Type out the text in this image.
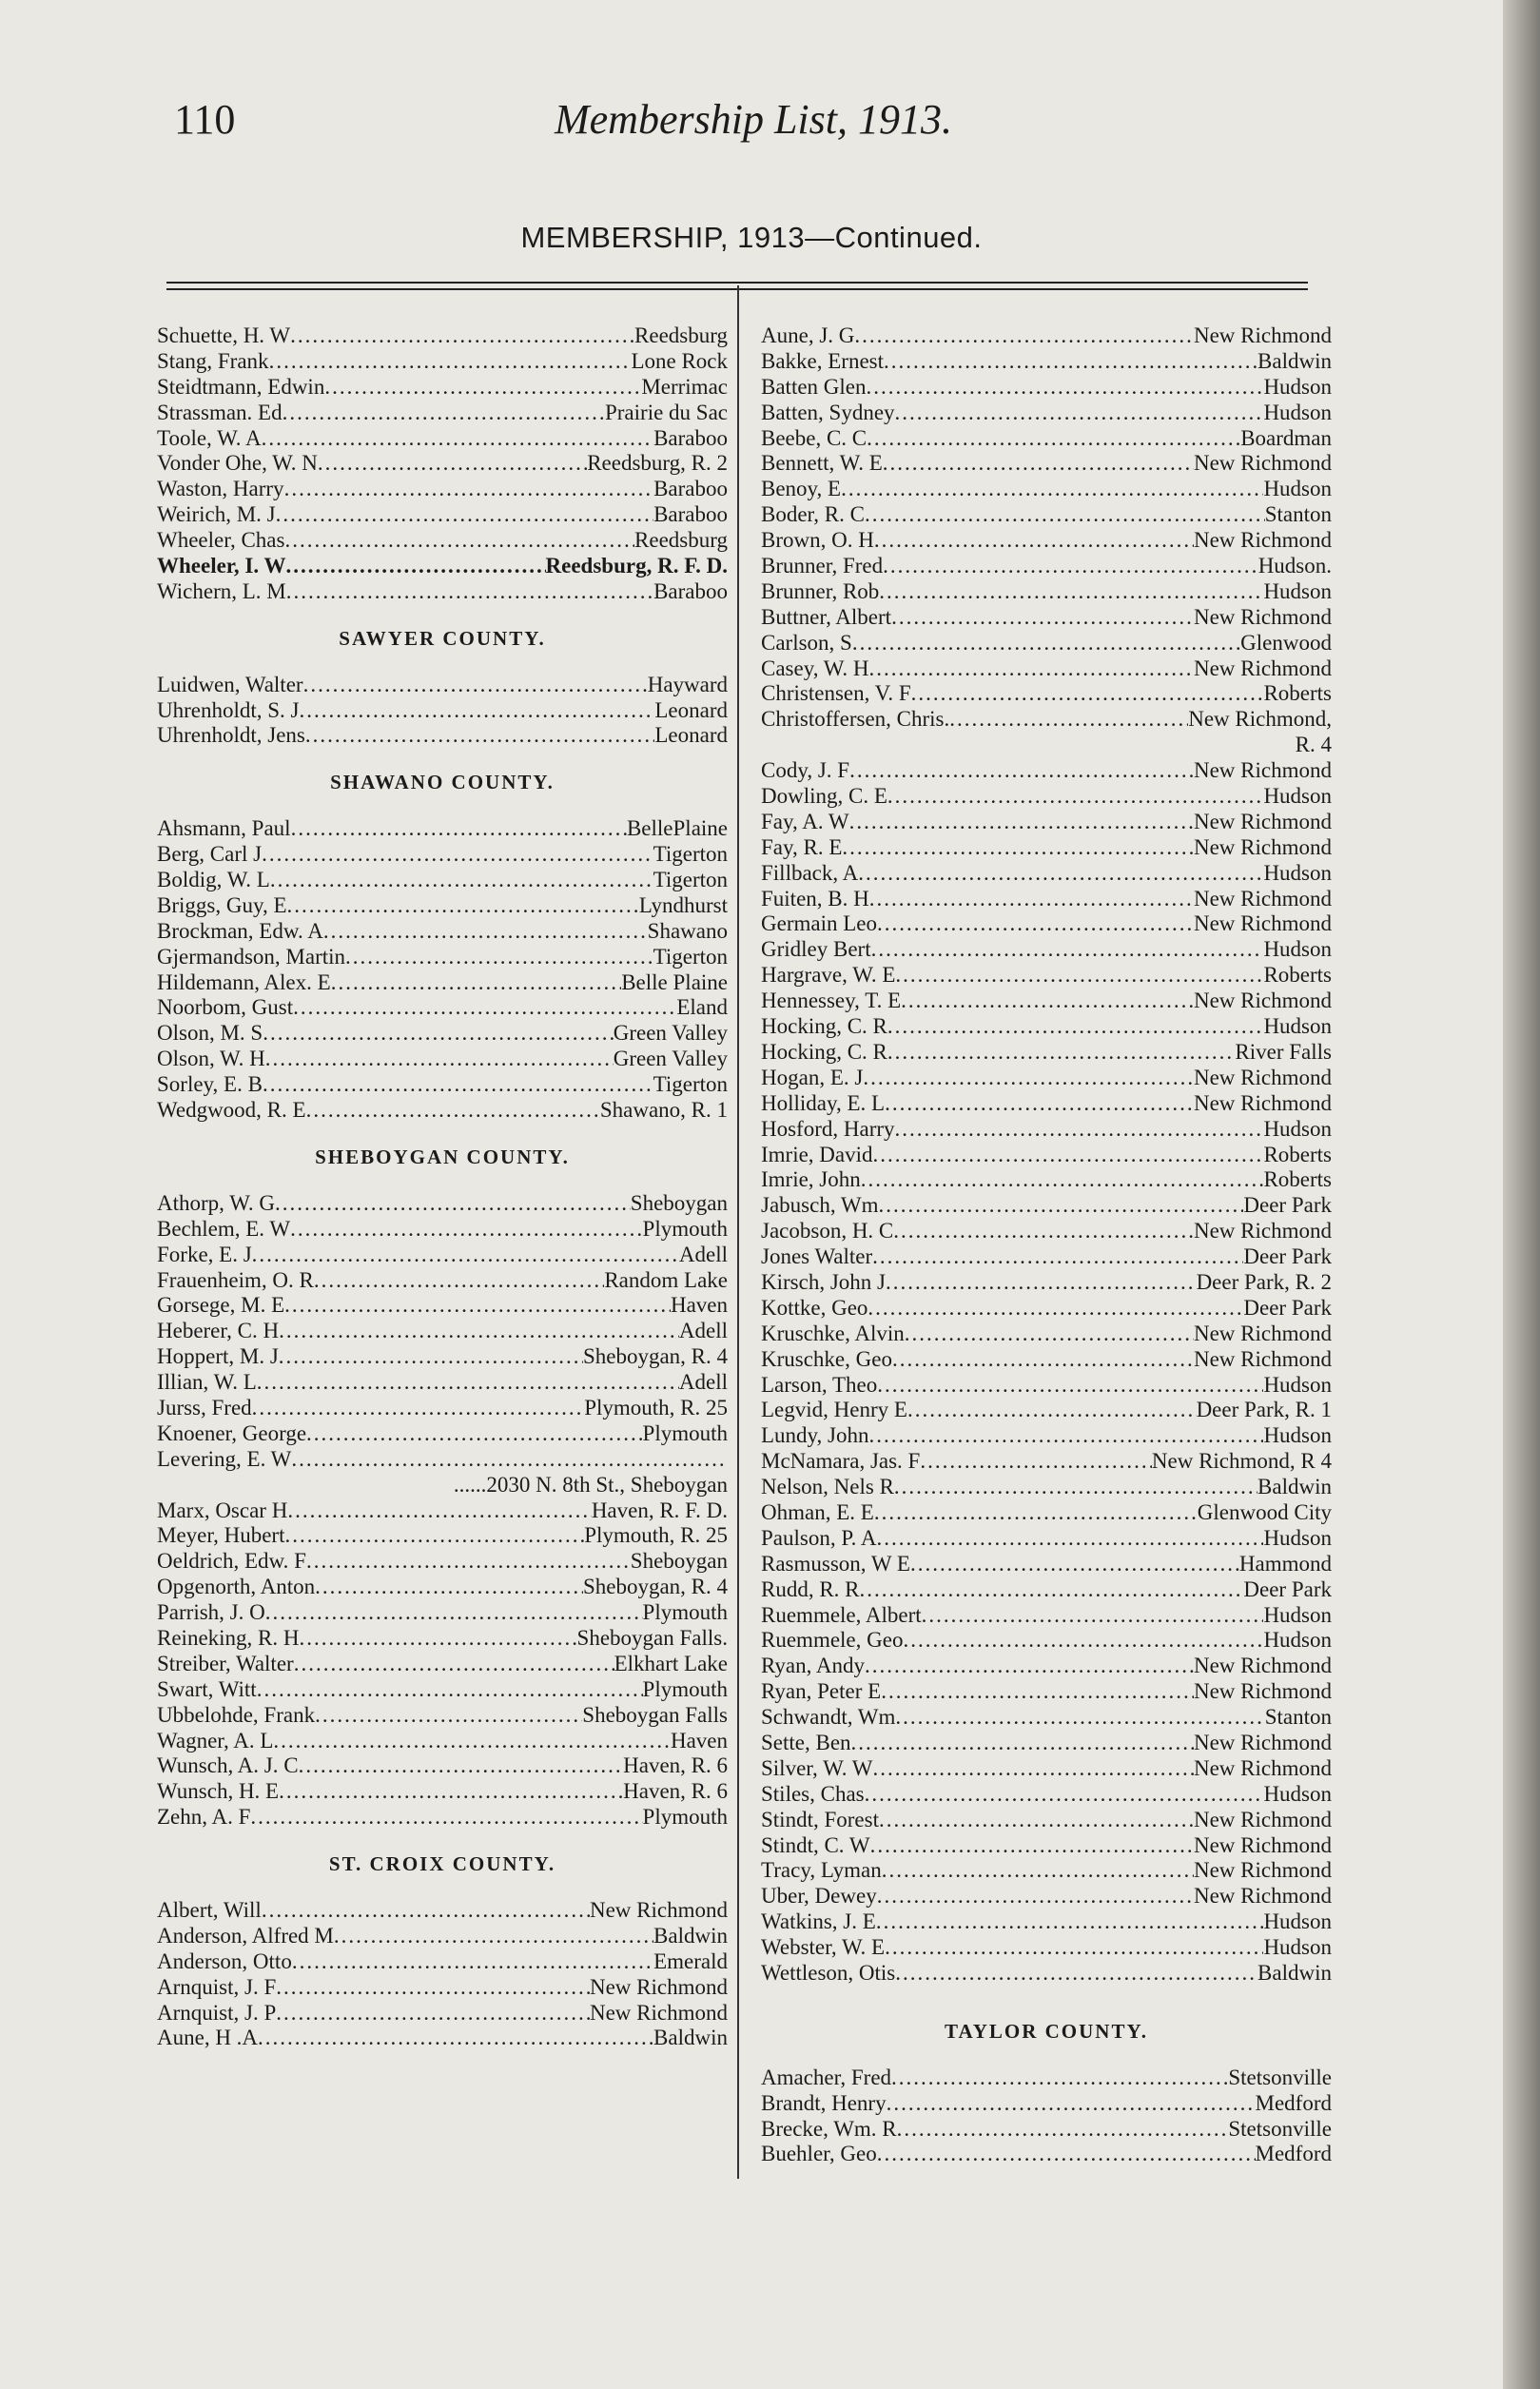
110	Membership List, 1913.
MEMBERSHIP, 1913—Continued.
Schuette, H. W .....	Reedsburg
Stang, Frank .....	Lone Rock
Steidtmann, Edwin .....	Merrimac
Strassman. Ed .....	Prairie du Sac
Toole, W. A .....	Baraboo
Vonder Ohe, W. N .....	Reedsburg, R. 2
Waston, Harry .....	Baraboo
Weirich, M. J .....	Baraboo
Wheeler, Chas .....	Reedsburg
Wheeler, I. W .....	Reedsburg, R. F. D.
Wichern, L. M .....	Baraboo
SAWYER COUNTY.
Luidwen, Walter .....	Hayward
Uhrenholdt, S. J .....	Leonard
Uhrenholdt, Jens .....	Leonard
SHAWANO COUNTY.
Ahsmann, Paul .....	BellePlaine
Berg, Carl J .....	Tigerton
Boldig, W. L .....	Tigerton
Briggs, Guy, E .....	Lyndhurst
Brockman, Edw. A .....	Shawano
Gjermandson, Martin .....	Tigerton
Hildemann, Alex. E .....	Belle Plaine
Noorbom, Gust .....	Eland
Olson, M. S .....	Green Valley
Olson, W. H .....	Green Valley
Sorley, E. B .....	Tigerton
Wedgwood, R. E .....	Shawano, R. 1
SHEBOYGAN COUNTY.
Athorp, W. G .....	Sheboygan
Bechlem, E. W .....	Plymouth
Forke, E. J .....	Adell
Frauenheim, O. R .....	Random Lake
Gorsege, M. E .....	Haven
Heberer, C. H .....	Adell
Hoppert, M. J .....	Sheboygan, R. 4
Illian, W. L .....	Adell
Jurss, Fred .....	Plymouth, R. 25
Knoener, George .....	Plymouth
Levering, E. W
.....
......2030 N. 8th St., Sheboygan
Marx, Oscar H .....	Haven, R. F. D.
Meyer, Hubert .....	Plymouth, R. 25
Oeldrich, Edw. F .....	Sheboygan
Opgenorth, Anton .....	Sheboygan, R. 4
Parrish, J. O .....	Plymouth
Reineking, R. H .....	Sheboygan Falls.
Streiber, Walter .....	Elkhart Lake
Swart, Witt .....	Plymouth
Ubbelohde, Frank .....	Sheboygan Falls
Wagner, A. L .....	Haven
Wunsch, A. J. C .....	Haven, R. 6
Wunsch, H. E .....	Haven, R. 6
Zehn, A. F .....	Plymouth
ST. CROIX COUNTY.
Albert, Will .....	New Richmond
Anderson, Alfred M .....	Baldwin
Anderson, Otto .....	Emerald
Arnquist, J. F .....	New Richmond
Arnquist, J. P .....	New Richmond
Aune, H .A .....	Baldwin
Aune, J. G .....	New Richmond
Bakke, Ernest .....	Baldwin
Batten Glen .....	Hudson
Batten, Sydney .....	Hudson
Beebe, C. C .....	Boardman
Bennett, W. E .....	New Richmond
Benoy, E .....	Hudson
Boder, R. C .....	Stanton
Brown, O. H .....	New Richmond
Brunner, Fred .....	Hudson.
Brunner, Rob .....	Hudson
Buttner, Albert .....	New Richmond
Carlson, S .....	Glenwood
Casey, W. H .....	New Richmond
Christensen, V. F .....	Roberts
Christoffersen, Chris. .....	New Richmond,
R. 4
Cody, J. F .....	New Richmond
Dowling, C. E .....	Hudson
Fay, A. W .....	New Richmond
Fay, R. E .....	New Richmond
Fillback, A .....	Hudson
Fuiten, B. H .....	New Richmond
Germain Leo .....	New Richmond
Gridley Bert .....	Hudson
Hargrave, W. E .....	Roberts
Hennessey, T. E .....	New Richmond
Hocking, C. R .....	Hudson
Hocking, C. R .....	River Falls
Hogan, E. J .....	New Richmond
Holliday, E. L .....	New Richmond
Hosford, Harry .....	Hudson
Imrie, David .....	Roberts
Imrie, John .....	Roberts
Jabusch, Wm .....	Deer Park
Jacobson, H. C .....	New Richmond
Jones Walter .....	Deer Park
Kirsch, John J .....	Deer Park, R. 2
Kottke, Geo .....	Deer Park
Kruschke, Alvin .....	New Richmond
Kruschke, Geo .....	New Richmond
Larson, Theo .....	Hudson
Legvid, Henry E .....	Deer Park, R. 1
Lundy, John .....	Hudson
McNamara, Jas. F .....	New Richmond, R 4
Nelson, Nels R .....	Baldwin
Ohman, E. E .....	Glenwood City
Paulson, P. A .....	Hudson
Rasmusson, W E .....	Hammond
Rudd, R. R .....	Deer Park
Ruemmele, Albert .....	Hudson
Ruemmele, Geo .....	Hudson
Ryan, Andy .....	New Richmond
Ryan, Peter E .....	New Richmond
Schwandt, Wm .....	Stanton
Sette, Ben .....	New Richmond
Silver, W. W .....	New Richmond
Stiles, Chas .....	Hudson
Stindt, Forest .....	New Richmond
Stindt, C. W .....	New Richmond
Tracy, Lyman .....	New Richmond
Uber, Dewey .....	New Richmond
Watkins, J. E .....	Hudson
Webster, W. E .....	Hudson
Wettleson, Otis .....	Baldwin
TAYLOR COUNTY.
Amacher, Fred .....	Stetsonville
Brandt, Henry .....	Medford
Brecke, Wm. R .....	Stetsonville
Buehler, Geo .....	Medford
